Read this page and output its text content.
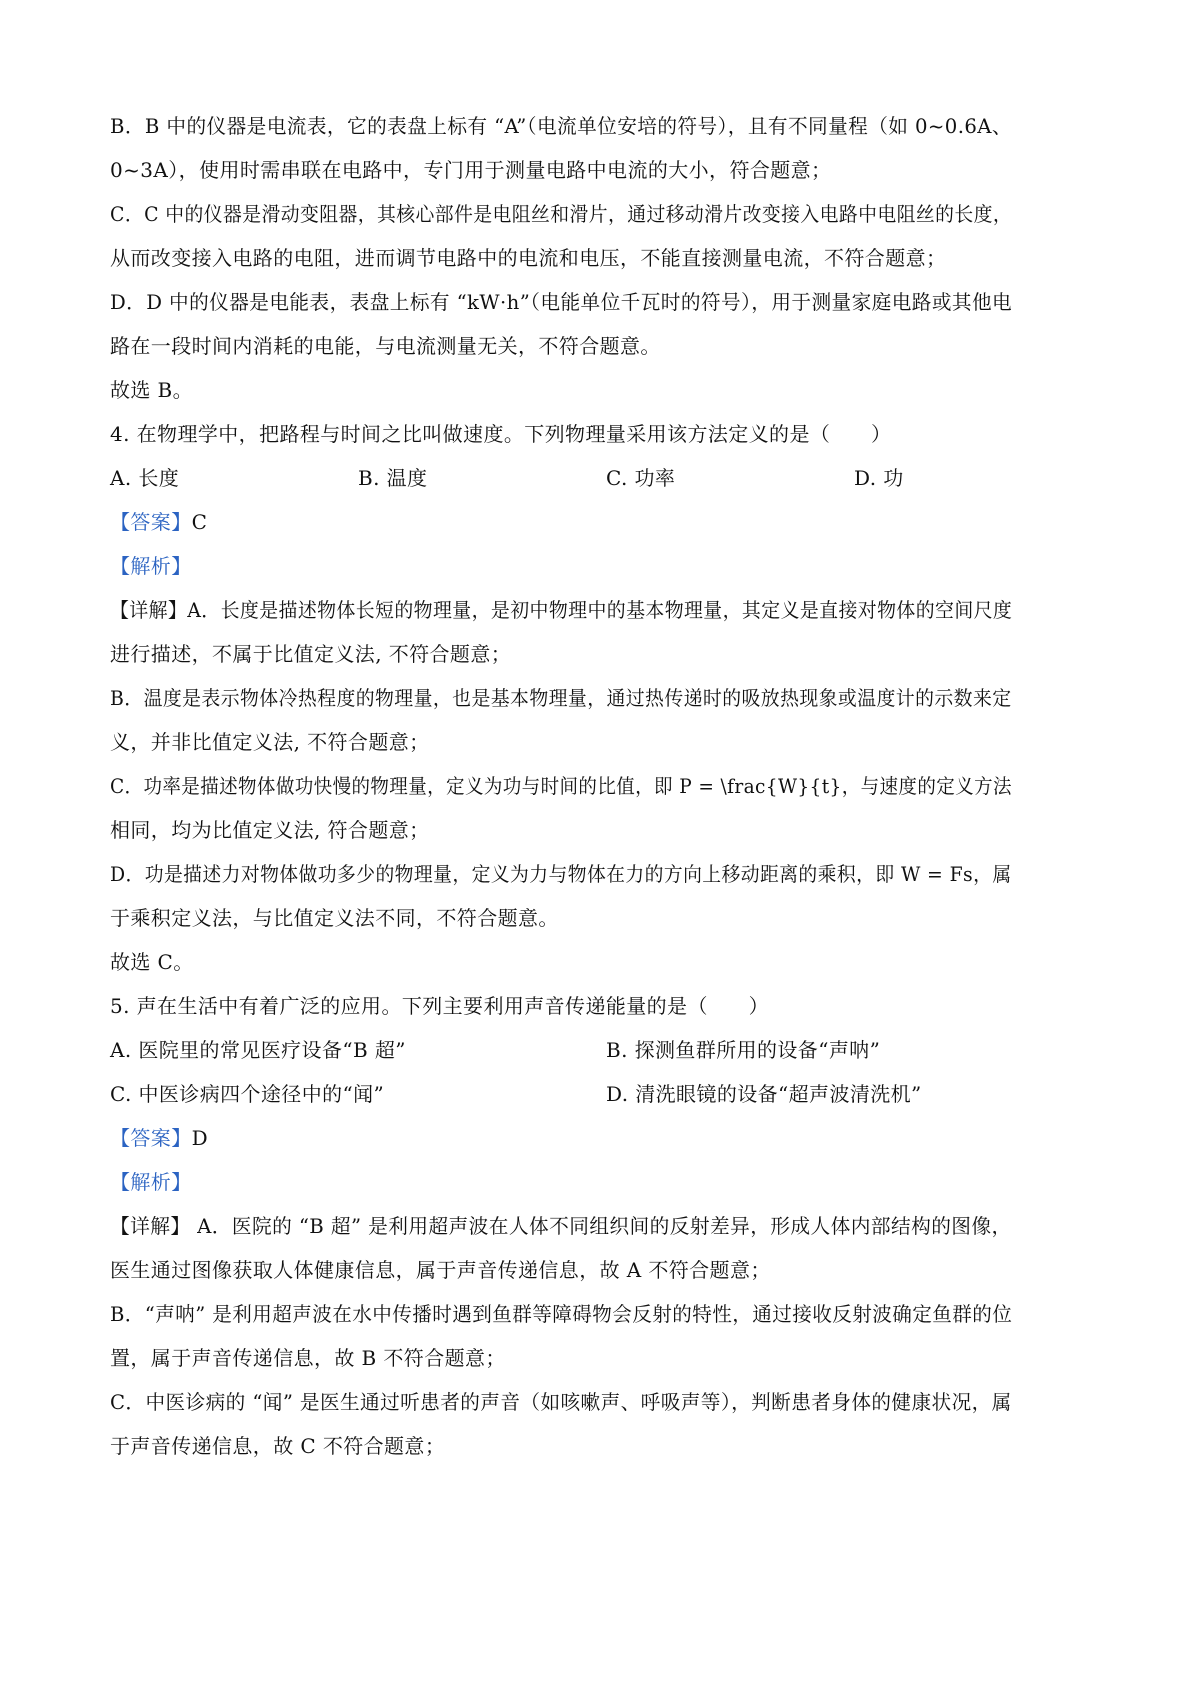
B．B 中的仪器是电流表，它的表盘上标有 “A”（电流单位安培的符号），且有不同量程（如 0~0.6A、
0~3A），使用时需串联在电路中，专门用于测量电路中电流的大小，符合题意；
C．C 中的仪器是滑动变阻器，其核心部件是电阻丝和滑片，通过移动滑片改变接入电路中电阻丝的长度，
从而改变接入电路的电阻，进而调节电路中的电流和电压，不能直接测量电流，不符合题意；
D．D 中的仪器是电能表，表盘上标有 “kW·h”（电能单位千瓦时的符号），用于测量家庭电路或其他电
路在一段时间内消耗的电能，与电流测量无关，不符合题意。
故选 B。
4. 在物理学中，把路程与时间之比叫做速度。下列物理量采用该方法定义的是（　　）
A. 长度	B. 温度	C. 功率	D. 功
【答案】C
【解析】
【详解】A．长度是描述物体长短的物理量，是初中物理中的基本物理量，其定义是直接对物体的空间尺度
进行描述，不属于比值定义法, 不符合题意；
B．温度是表示物体冷热程度的物理量，也是基本物理量，通过热传递时的吸放热现象或温度计的示数来定
义，并非比值定义法, 不符合题意；
C．功率是描述物体做功快慢的物理量，定义为功与时间的比值，即 P = \frac{W}{t}，与速度的定义方法
相同，均为比值定义法, 符合题意；
D．功是描述力对物体做功多少的物理量，定义为力与物体在力的方向上移动距离的乘积，即 W = Fs，属
于乘积定义法，与比值定义法不同，不符合题意。
故选 C。
5. 声在生活中有着广泛的应用。下列主要利用声音传递能量的是（　　）
A. 医院里的常见医疗设备“B 超”	B. 探测鱼群所用的设备“声呐”
C. 中医诊病四个途径中的“闻”	D. 清洗眼镜的设备“超声波清洗机”
【答案】D
【解析】
【详解】 A．医院的 “B 超” 是利用超声波在人体不同组织间的反射差异，形成人体内部结构的图像，
医生通过图像获取人体健康信息，属于声音传递信息，故 A 不符合题意；
B．“声呐” 是利用超声波在水中传播时遇到鱼群等障碍物会反射的特性，通过接收反射波确定鱼群的位
置，属于声音传递信息，故 B 不符合题意；
C．中医诊病的 “闻” 是医生通过听患者的声音（如咳嗽声、呼吸声等），判断患者身体的健康状况，属
于声音传递信息，故 C 不符合题意；
